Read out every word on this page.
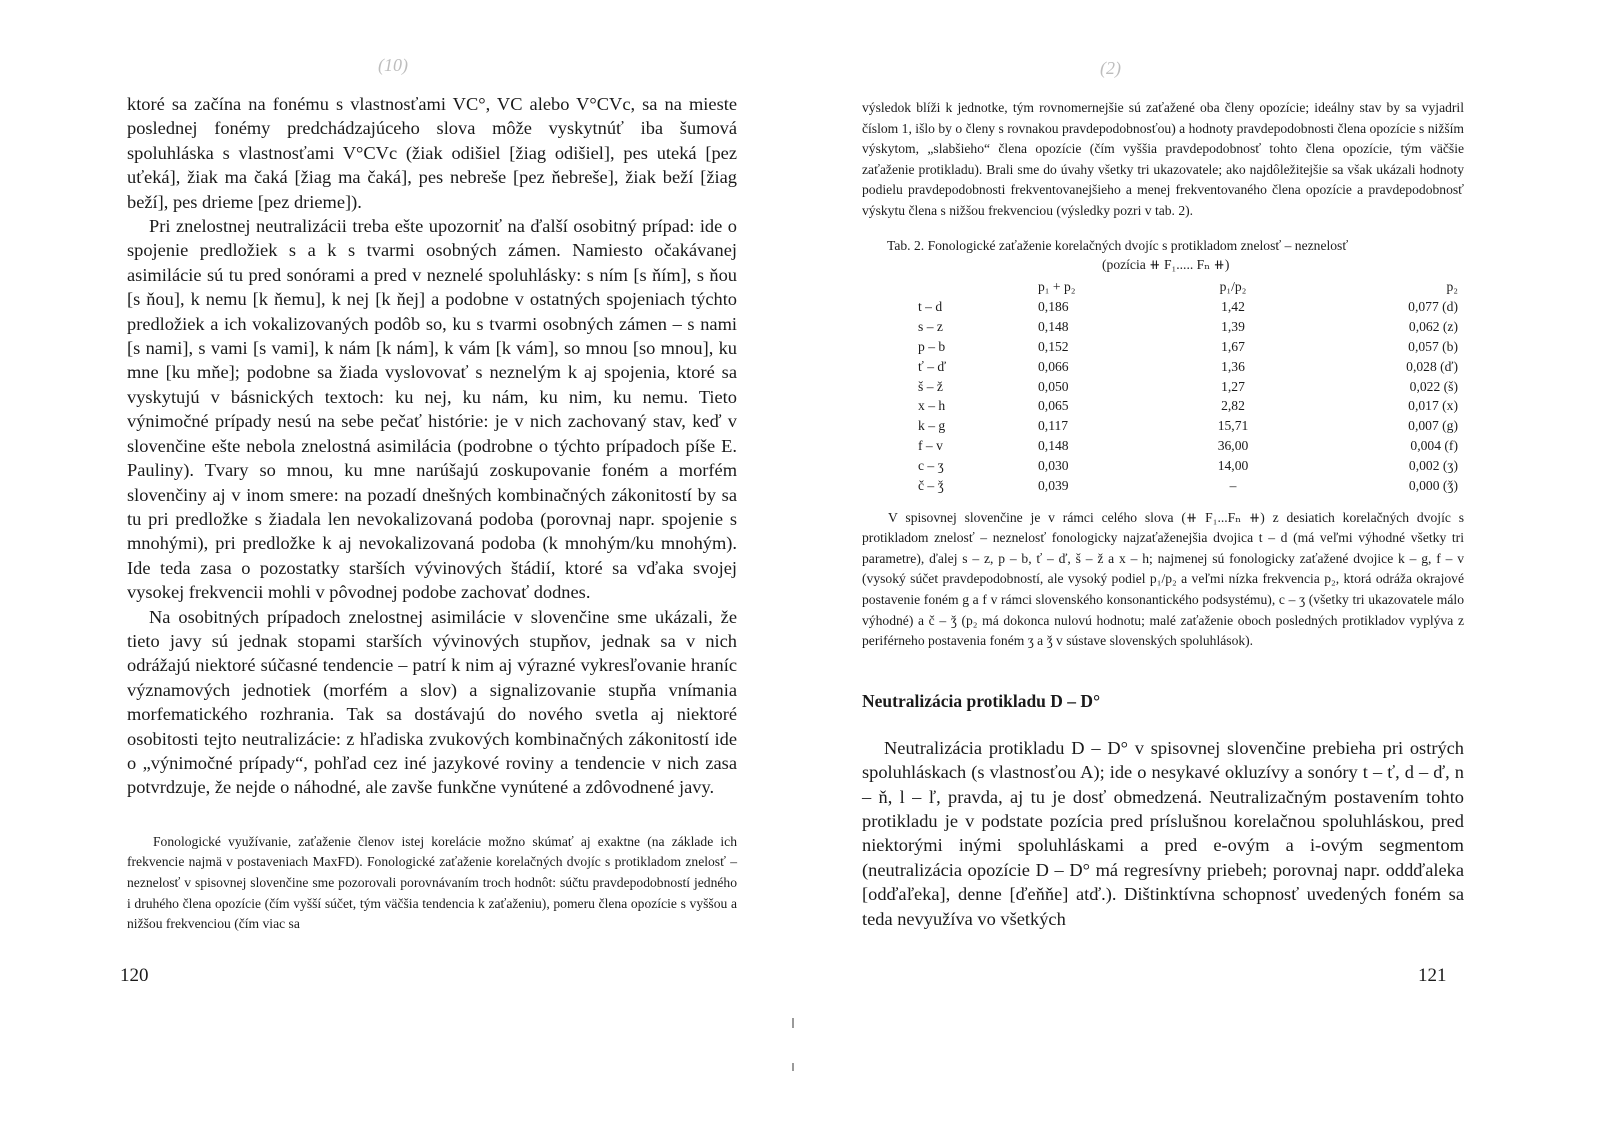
(10)

ktoré sa začína na fonému s vlastnosťami VC°, VC alebo V°CVc, sa na mieste poslednej fonémy predchádzajúceho slova môže vyskytnúť iba šumová spoluhláska s vlastnosťami V°CVc (žiak odišiel [žiag odišiel], pes uteká [pez uťeká], žiak ma čaká [žiag ma čaká], pes nebreše [pez ňebreše], žiak beží [žiag beží], pes drieme [pez drieme]).

Pri znelostnej neutralizácii treba ešte upozorniť na ďalší osobitný prípad: ide o spojenie predložiek s a k s tvarmi osobných zámen. Namiesto očakávanej asimilácie sú tu pred sonórami a pred v neznelé spoluhlásky: s ním [s ňím], s ňou [s ňou], k nemu [k ňemu], k nej [k ňej] a podobne v ostatných spojeniach týchto predložiek a ich vokalizovaných podôb so, ku s tvarmi osobných zámen – s nami [s nami], s vami [s vami], k nám [k nám], k vám [k vám], so mnou [so mnou], ku mne [ku mňe]; podobne sa žiada vyslovovať s neznelým k aj spojenia, ktoré sa vyskytujú v básnických textoch: ku nej, ku nám, ku nim, ku nemu. Tieto výnimočné prípady nesú na sebe pečať histórie: je v nich zachovaný stav, keď v slovenčine ešte nebola znelostná asimilácia (podrobne o týchto prípadoch píše E. Pauliny). Tvary so mnou, ku mne narúšajú zoskupovanie foném a morfém slovenčiny aj v inom smere: na pozadí dnešných kombinačných zákonitostí by sa tu pri predložke s žiadala len nevokalizovaná podoba (porovnaj napr. spojenie s mnohými), pri predložke k aj nevokalizovaná podoba (k mnohým/ku mnohým). Ide teda zasa o pozostatky starších vývinových štádií, ktoré sa vďaka svojej vysokej frekvencii mohli v pôvodnej podobe zachovať dodnes.

Na osobitných prípadoch znelostnej asimilácie v slovenčine sme ukázali, že tieto javy sú jednak stopami starších vývinových stupňov, jednak sa v nich odrážajú niektoré súčasné tendencie – patrí k nim aj výrazné vykresľovanie hraníc významových jednotiek (morfém a slov) a signalizovanie stupňa vnímania morfematického rozhrania. Tak sa dostávajú do nového svetla aj niektoré osobitosti tejto neutralizácie: z hľadiska zvukových kombinačných zákonitostí ide o „výnimočné prípady“, pohľad cez iné jazykové roviny a tendencie v nich zasa potvrdzuje, že nejde o náhodné, ale zavše funkčne vynútené a zdôvodnené javy.

Fonologické využívanie, zaťaženie členov istej korelácie možno skúmať aj exaktne (na základe ich frekvencie najmä v postaveniach MaxFD). Fonologické zaťaženie korelačných dvojíc s protikladom znelosť – neznelosť v spisovnej slovenčine sme pozorovali porovnávaním troch hodnôt: súčtu pravdepodobností jedného i druhého člena opozície (čím vyšší súčet, tým väčšia tendencia k zaťaženiu), pomeru člena opozície s vyššou a nižšou frekvenciou (čím viac sa

120
(2)

výsledok blíži k jednotke, tým rovnomernejšie sú zaťažené oba členy opozície; ideálny stav by sa vyjadril číslom 1, išlo by o členy s rovnakou pravdepodobnosťou) a hodnoty pravdepodobnosti člena opozície s nižším výskytom, „slabšieho“ člena opozície (čím vyššia pravdepodobnosť tohto člena opozície, tým väčšie zaťaženie protikladu). Brali sme do úvahy všetky tri ukazovatele; ako najdôležitejšie sa však ukázali hodnoty podielu pravdepodobnosti frekventovanejšieho a menej frekventovaného člena opozície a pravdepodobnosť výskytu člena s nižšou frekvenciou (výsledky pozri v tab. 2).

Tab. 2. Fonologické zaťaženie korelačných dvojíc s protikladom znelosť – neznelosť
(pozícia ⧺ F₁..... Fₙ ⧺)
	p₁ + p₂	p₁/p₂	p₂
t – d	0,186	1,42	0,077 (d)
s – z	0,148	1,39	0,062 (z)
p – b	0,152	1,67	0,057 (b)
ť – ď	0,066	1,36	0,028 (ď)
š – ž	0,050	1,27	0,022 (š)
x – h	0,065	2,82	0,017 (x)
k – g	0,117	15,71	0,007 (g)
f – v	0,148	36,00	0,004 (f)
c – ʒ	0,030	14,00	0,002 (ʒ)
č – ǯ	0,039	–	0,000 (ǯ)

V spisovnej slovenčine je v rámci celého slova (⧺ F₁...Fₙ ⧺) z desiatich korelačných dvojíc s protikladom znelosť – neznelosť fonologicky najzaťaženejšia dvojica t – d (má veľmi výhodné všetky tri parametre), ďalej s – z, p – b, ť – ď, š – ž a x – h; najmenej sú fonologicky zaťažené dvojice k – g, f – v (vysoký súčet pravdepodobností, ale vysoký podiel p₁/p₂ a veľmi nízka frekvencia p₂, ktorá odráža okrajové postavenie foném g a f v rámci slovenského konsonantického podsystému), c – ʒ (všetky tri ukazovatele málo výhodné) a č – ǯ (p₂ má dokonca nulovú hodnotu; malé zaťaženie oboch posledných protikladov vyplýva z periférneho postavenia foném ʒ a ǯ v sústave slovenských spoluhlások).

Neutralizácia protikladu D – D°

Neutralizácia protikladu D – D° v spisovnej slovenčine prebieha pri ostrých spoluhláskach (s vlastnosťou A); ide o nesykavé okluzívy a sonóry t – ť, d – ď, n – ň, l – ľ, pravda, aj tu je dosť obmedzená. Neutralizačným postavením tohto protikladu je v podstate pozícia pred príslušnou korelačnou spoluhláskou, pred niektorými inými spoluhláskami a pred e-ovým a i-ovým segmentom (neutralizácia opozície D – D° má regresívny priebeh; porovnaj napr. oddďaleka [odďaľeka], denne [ďeňňe] atď.). Dištinktívna schopnosť uvedených foném sa teda nevyužíva vo všetkých

121
